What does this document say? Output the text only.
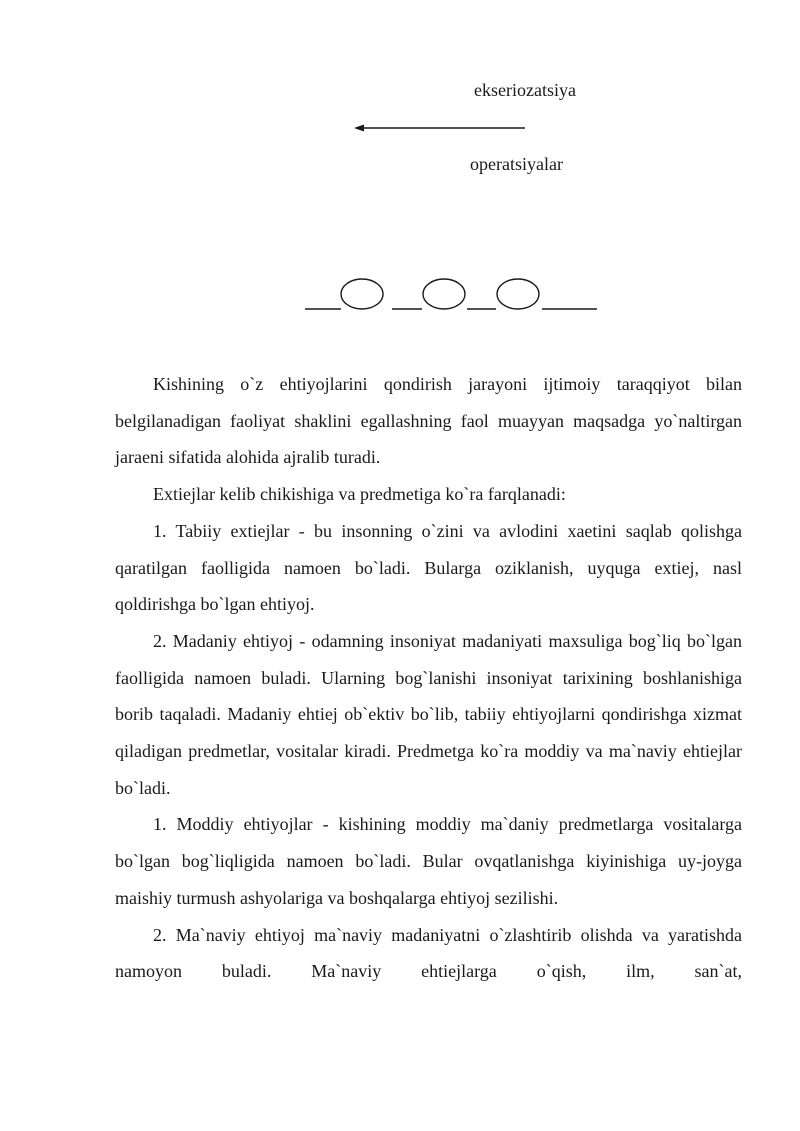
ekseriozatsiya
operatsiyalar

Kishining o`z ehtiyojlarini qondirish jarayoni ijtimoiy taraqqiyot bilan belgilanadigan faoliyat shaklini egallashning faol muayyan maqsadga yo`naltirgan jaraeni sifatida alohida ajralib turadi.

Extiejlar kelib chikishiga va predmetiga ko`ra farqlanadi:

1. Tabiiy extiejlar - bu insonning o`zini va avlodini xaetini saqlab qolishga qaratilgan faolligida namoen bo`ladi. Bularga oziklanish, uyquga extiej, nasl qoldirishga bo`lgan ehtiyoj.

2. Madaniy ehtiyoj - odamning insoniyat madaniyati maxsuliga bog`liq bo`lgan faolligida namoen buladi. Ularning bog`lanishi insoniyat tarixining boshlanishiga borib taqaladi. Madaniy ehtiej ob`ektiv bo`lib, tabiiy ehtiyojlarni qondirishga xizmat qiladigan predmetlar, vositalar kiradi. Predmetga ko`ra moddiy va ma`naviy ehtiejlar bo`ladi.

1. Moddiy ehtiyojlar - kishining moddiy ma`daniy predmetlarga vositalarga bo`lgan bog`liqligida namoen bo`ladi. Bular ovqatlanishga kiyinishiga uy-joyga maishiy turmush ashyolariga va boshqalarga ehtiyoj sezilishi.

2. Ma`naviy ehtiyoj ma`naviy madaniyatni o`zlashtirib olishda va yaratishda namoyon buladi. Ma`naviy ehtiejlarga o`qish, ilm, san`at,
